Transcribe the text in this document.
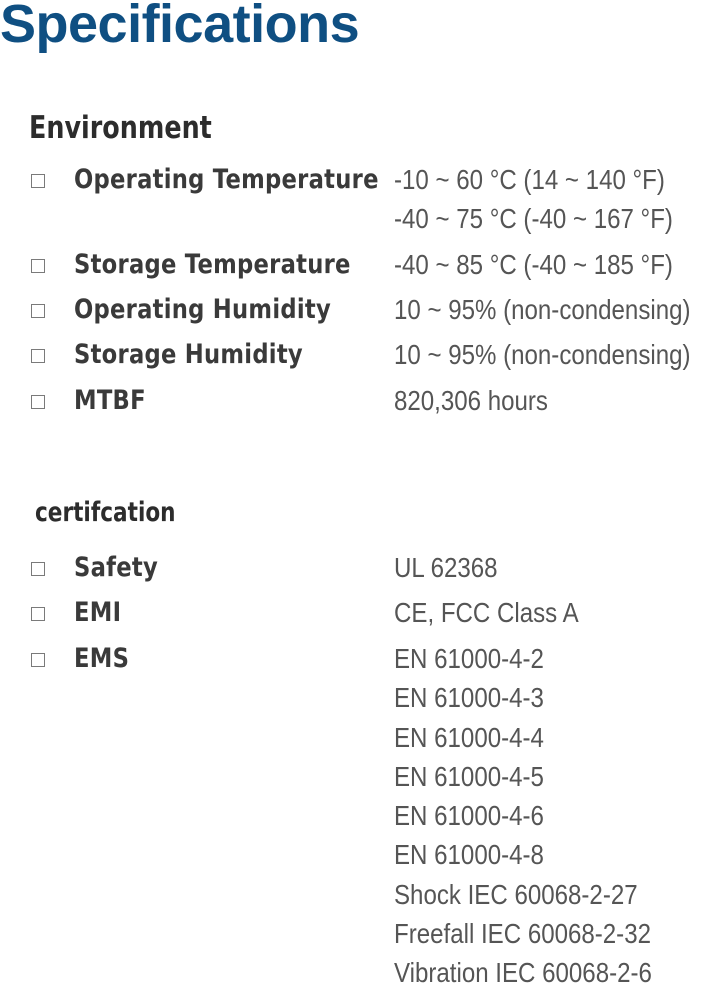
Specifications
Environment
Operating Temperature -10 ~ 60 °C (14 ~ 140 °F)
-40 ~ 75 °C (-40 ~ 167 °F)
Storage Temperature -40 ~ 85 °C (-40 ~ 185 °F)
Operating Humidity 10 ~ 95% (non-condensing)
Storage Humidity	10 ~ 95% (non-condensing)
MTBF	820,306 hours
certifcation
Safety	UL 62368
EMI	CE, FCC Class A
EMS	EN 61000-4-2
EN 61000-4-3
EN 61000-4-4
EN 61000-4-5
EN 61000-4-6
EN 61000-4-8
Shock IEC 60068-2-27
Freefall IEC 60068-2-32
Vibration IEC 60068-2-6
